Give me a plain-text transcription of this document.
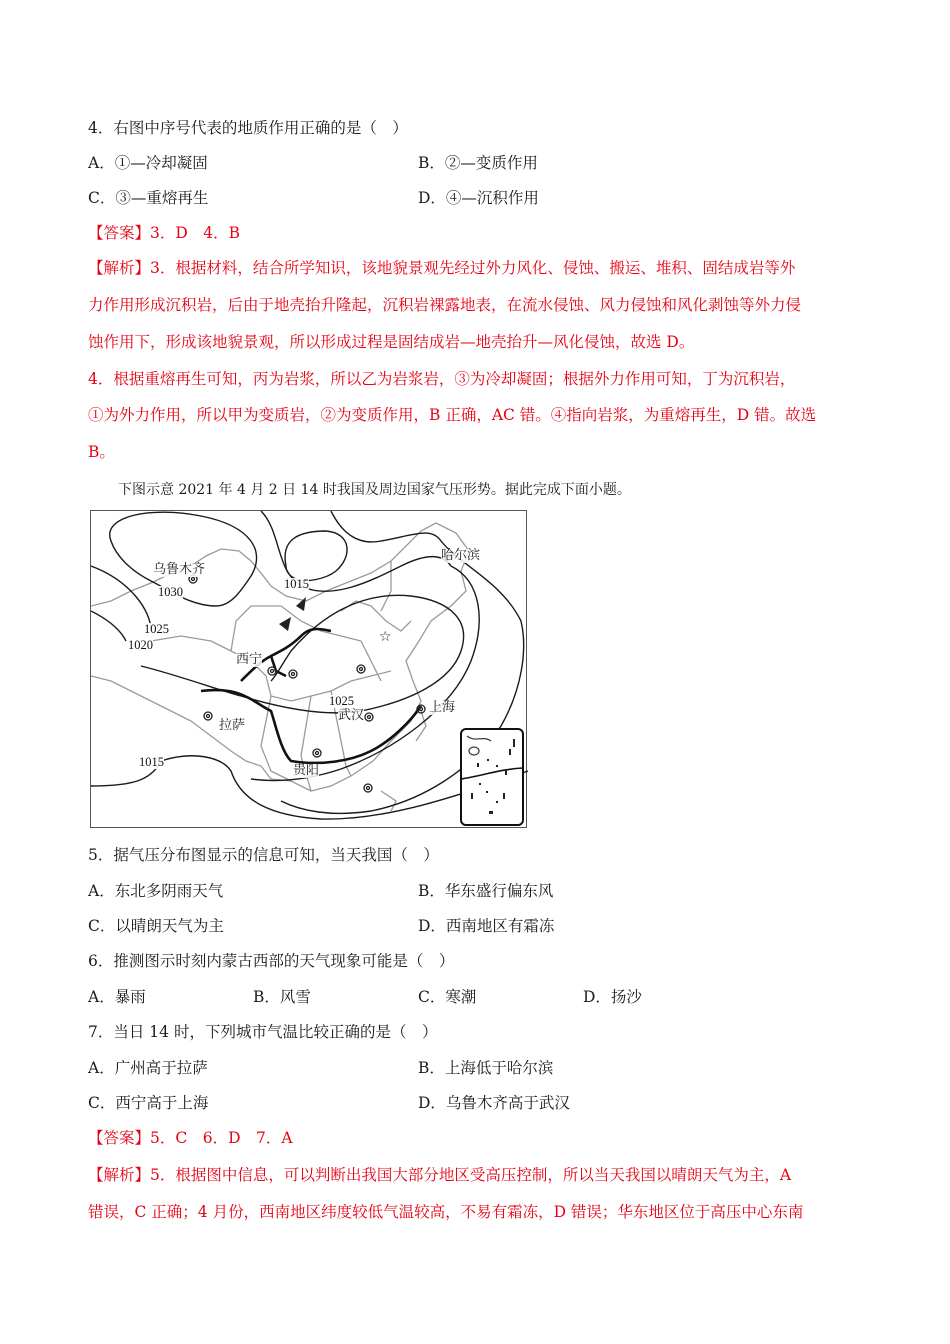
4．右图中序号代表的地质作用正确的是（　）
A．①—冷却凝固	B．②—变质作用
C．③—重熔再生	D．④—沉积作用
【答案】3．D　4．B
【解析】3．根据材料，结合所学知识，该地貌景观先经过外力风化、侵蚀、搬运、堆积、固结成岩等外
力作用形成沉积岩，后由于地壳抬升隆起，沉积岩裸露地表，在流水侵蚀、风力侵蚀和风化剥蚀等外力侵
蚀作用下，形成该地貌景观，所以形成过程是固结成岩—地壳抬升—风化侵蚀，故选 D。
4．根据重熔再生可知，丙为岩浆，所以乙为岩浆岩，③为冷却凝固；根据外力作用可知，丁为沉积岩，
①为外力作用，所以甲为变质岩，②为变质作用，B 正确，AC 错。④指向岩浆，为重熔再生，D 错。故选
B。
下图示意 2021 年 4 月 2 日 14 时我国及周边国家气压形势。据此完成下面小题。
☆
乌鲁木齐
哈尔滨
西宁
拉萨
武汉
上海
贵阳
1030
1015
1025
1020
1025
1015
5．据气压分布图显示的信息可知，当天我国（　）
A．东北多阴雨天气	B．华东盛行偏东风
C．以晴朗天气为主	D．西南地区有霜冻
6．推测图示时刻内蒙古西部的天气现象可能是（　）
A．暴雨	B．风雪	C．寒潮	D．扬沙
7．当日 14 时，下列城市气温比较正确的是（　）
A．广州高于拉萨	B．上海低于哈尔滨
C．西宁高于上海	D．乌鲁木齐高于武汉
【答案】5．C　6．D　7．A
【解析】5．根据图中信息，可以判断出我国大部分地区受高压控制，所以当天我国以晴朗天气为主，A
错误，C 正确；4 月份，西南地区纬度较低气温较高，不易有霜冻，D 错误；华东地区位于高压中心东南
